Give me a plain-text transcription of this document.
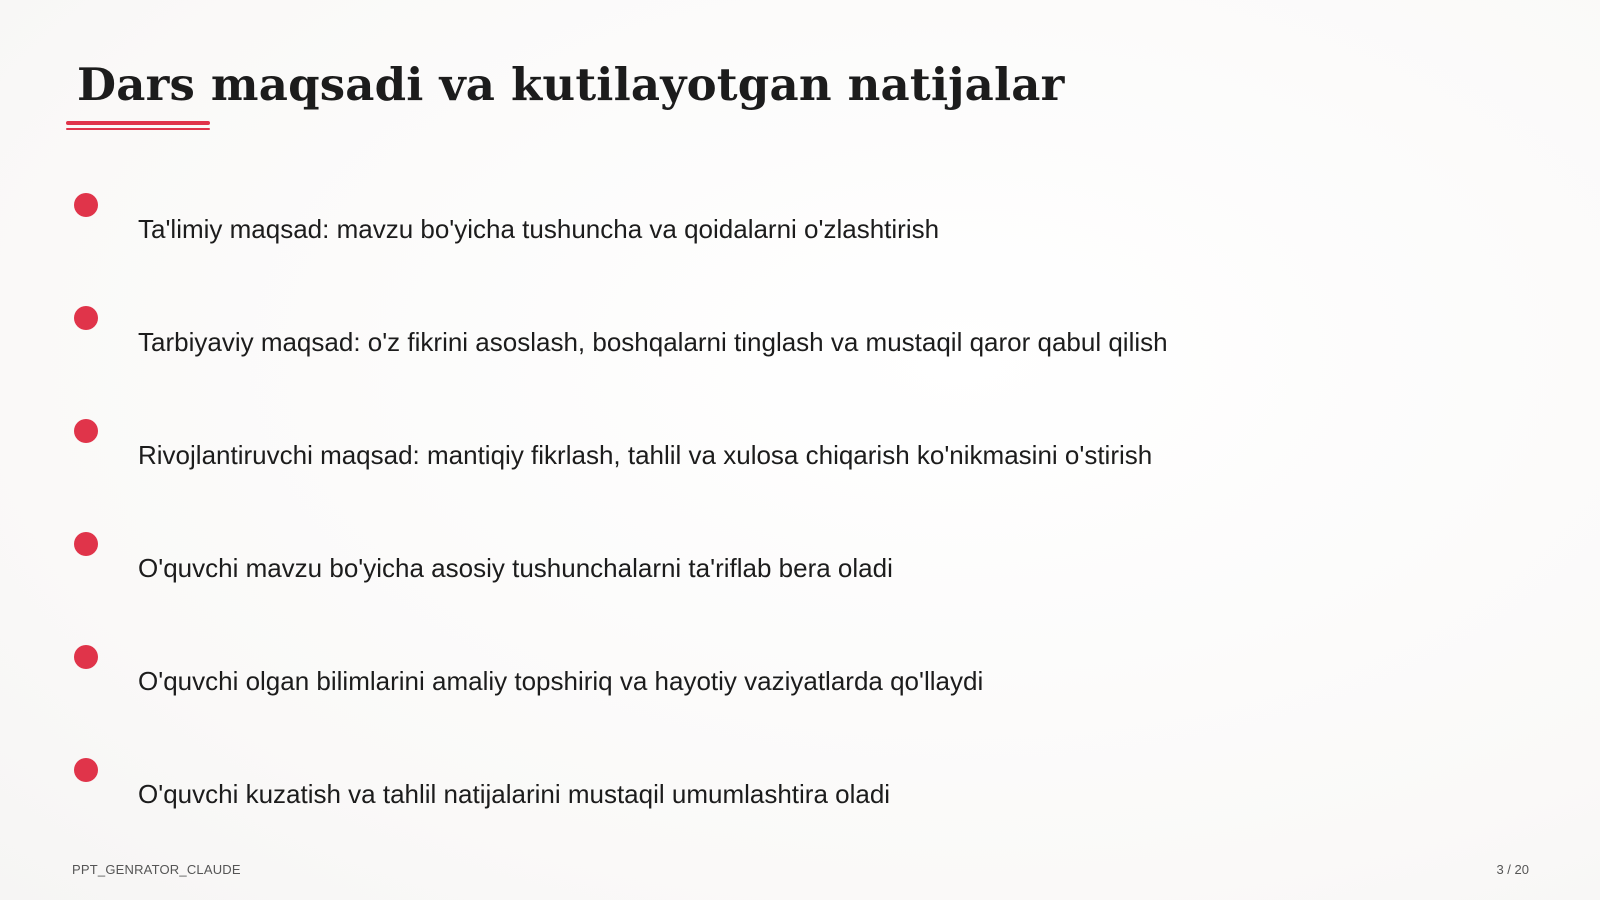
Dars maqsadi va kutilayotgan natijalar
Ta'limiy maqsad: mavzu bo'yicha tushuncha va qoidalarni o'zlashtirish
Tarbiyaviy maqsad: o'z fikrini asoslash, boshqalarni tinglash va mustaqil qaror qabul qilish
Rivojlantiruvchi maqsad: mantiqiy fikrlash, tahlil va xulosa chiqarish ko'nikmasini o'stirish
O'quvchi mavzu bo'yicha asosiy tushunchalarni ta'riflab bera oladi
O'quvchi olgan bilimlarini amaliy topshiriq va hayotiy vaziyatlarda qo'llaydi
O'quvchi kuzatish va tahlil natijalarini mustaqil umumlashtira oladi
PPT_GENRATOR_CLAUDE	3 / 20
